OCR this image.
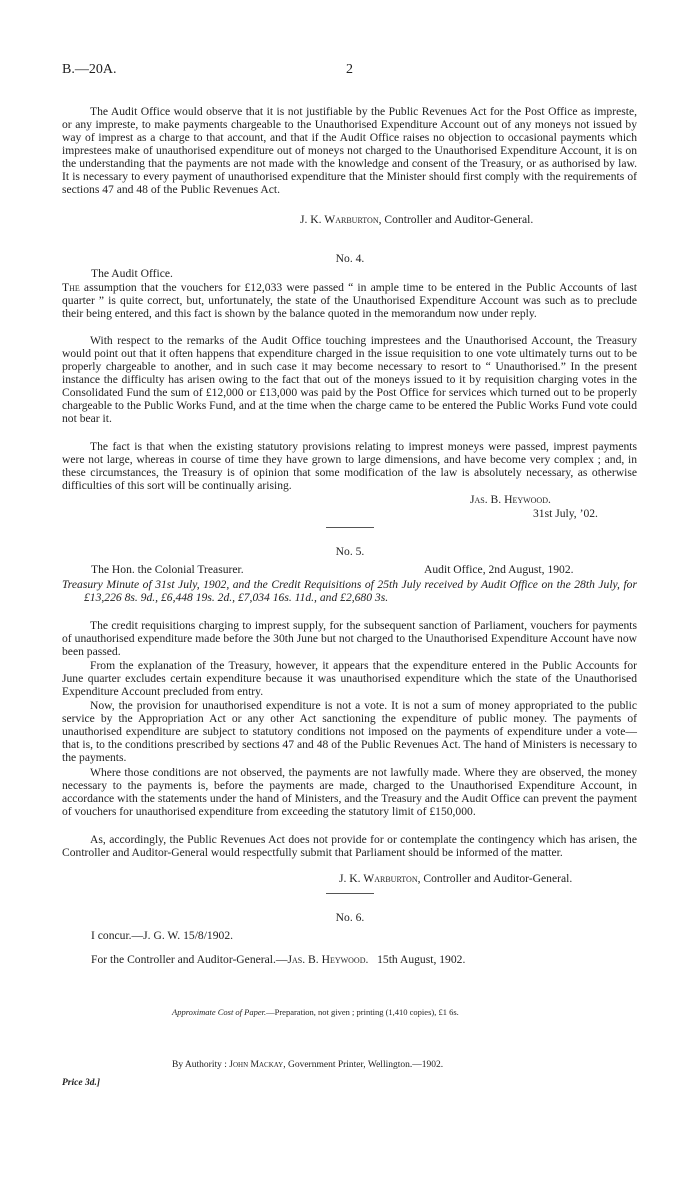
B.—20A.	2
The Audit Office would observe that it is not justifiable by the Public Revenues Act for the Post Office as impreste, or any impreste, to make payments chargeable to the Unauthorised Expenditure Account out of any moneys not issued by way of imprest as a charge to that account, and that if the Audit Office raises no objection to occasional payments which imprestees make of unauthorised expenditure out of moneys not charged to the Unauthorised Expenditure Account, it is on the understanding that the payments are not made with the knowledge and consent of the Treasury, or as authorised by law. It is necessary to every payment of unauthorised expenditure that the Minister should first comply with the requirements of sections 47 and 48 of the Public Revenues Act.
J. K. Warburton, Controller and Auditor-General.
No. 4.
The Audit Office.
The assumption that the vouchers for £12,033 were passed “ in ample time to be entered in the Public Accounts of last quarter ” is quite correct, but, unfortunately, the state of the Unauthorised Expenditure Account was such as to preclude their being entered, and this fact is shown by the balance quoted in the memorandum now under reply.
With respect to the remarks of the Audit Office touching imprestees and the Unauthorised Account, the Treasury would point out that it often happens that expenditure charged in the issue requisition to one vote ultimately turns out to be properly chargeable to another, and in such case it may become necessary to resort to “ Unauthorised.” In the present instance the difficulty has arisen owing to the fact that out of the moneys issued to it by requisition charging votes in the Consolidated Fund the sum of £12,000 or £13,000 was paid by the Post Office for services which turned out to be properly chargeable to the Public Works Fund, and at the time when the charge came to be entered the Public Works Fund vote could not bear it.
The fact is that when the existing statutory provisions relating to imprest moneys were passed, imprest payments were not large, whereas in course of time they have grown to large dimensions, and have become very complex ; and, in these circumstances, the Treasury is of opinion that some modification of the law is absolutely necessary, as otherwise difficulties of this sort will be continually arising.
Jas. B. Heywood.
31st July, ’02.
No. 5.
The Hon. the Colonial Treasurer.	Audit Office, 2nd August, 1902.
Treasury Minute of 31st July, 1902, and the Credit Requisitions of 25th July received by Audit Office on the 28th July, for £13,226 8s. 9d., £6,448 19s. 2d., £7,034 16s. 11d., and £2,680 3s.
The credit requisitions charging to imprest supply, for the subsequent sanction of Parliament, vouchers for payments of unauthorised expenditure made before the 30th June but not charged to the Unauthorised Expenditure Account have now been passed.
From the explanation of the Treasury, however, it appears that the expenditure entered in the Public Accounts for June quarter excludes certain expenditure because it was unauthorised expenditure which the state of the Unauthorised Expenditure Account precluded from entry.
Now, the provision for unauthorised expenditure is not a vote. It is not a sum of money appropriated to the public service by the Appropriation Act or any other Act sanctioning the expenditure of public money. The payments of unauthorised expenditure are subject to statutory conditions not imposed on the payments of expenditure under a vote—that is, to the conditions prescribed by sections 47 and 48 of the Public Revenues Act. The hand of Ministers is necessary to the payments.
Where those conditions are not observed, the payments are not lawfully made. Where they are observed, the money necessary to the payments is, before the payments are made, charged to the Unauthorised Expenditure Account, in accordance with the statements under the hand of Ministers, and the Treasury and the Audit Office can prevent the payment of vouchers for unauthorised expenditure from exceeding the statutory limit of £150,000.
As, accordingly, the Public Revenues Act does not provide for or contemplate the contingency which has arisen, the Controller and Auditor-General would respectfully submit that Parliament should be informed of the matter.
J. K. Warburton, Controller and Auditor-General.
No. 6.
I concur.—J. G. W. 15/8/1902.
For the Controller and Auditor-General.—Jas. B. Heywood. 15th August, 1902.
Approximate Cost of Paper.—Preparation, not given ; printing (1,410 copies), £1 6s.
By Authority : John Mackay, Government Printer, Wellington.—1902.
Price 3d.]
